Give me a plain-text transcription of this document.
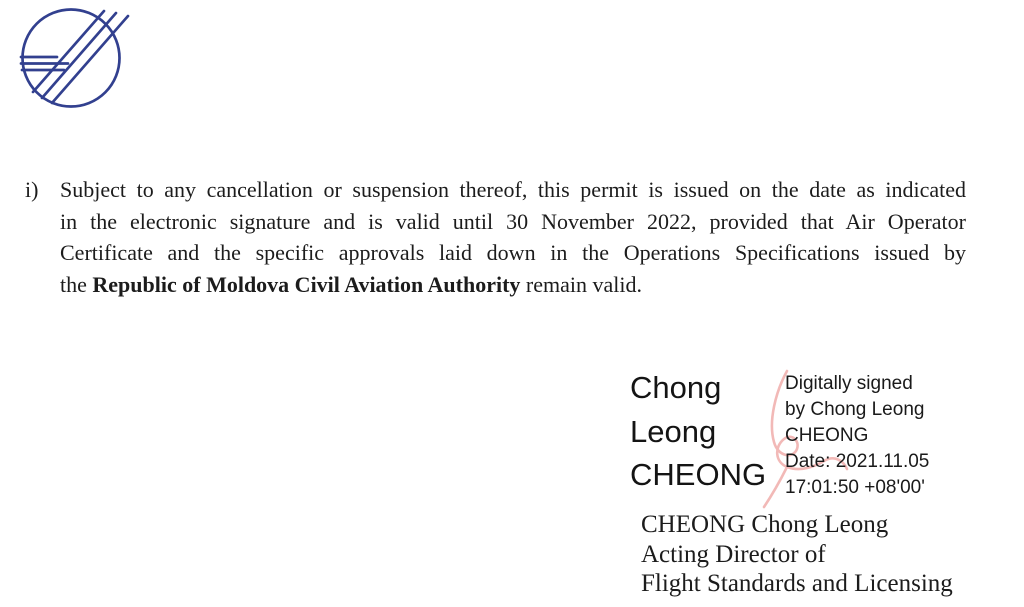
i) Subject to any cancellation or suspension thereof, this permit is issued on the date as indicated
in the electronic signature and is valid until 30 November 2022, provided that Air Operator
Certificate and the specific approvals laid down in the Operations Specifications issued by
the Republic of Moldova Civil Aviation Authority remain valid.
Chong
Leong
CHEONG
Digitally signed
by Chong Leong
CHEONG
Date: 2021.11.05
17:01:50 +08'00'
CHEONG Chong Leong
Acting Director of
Flight Standards and Licensing
